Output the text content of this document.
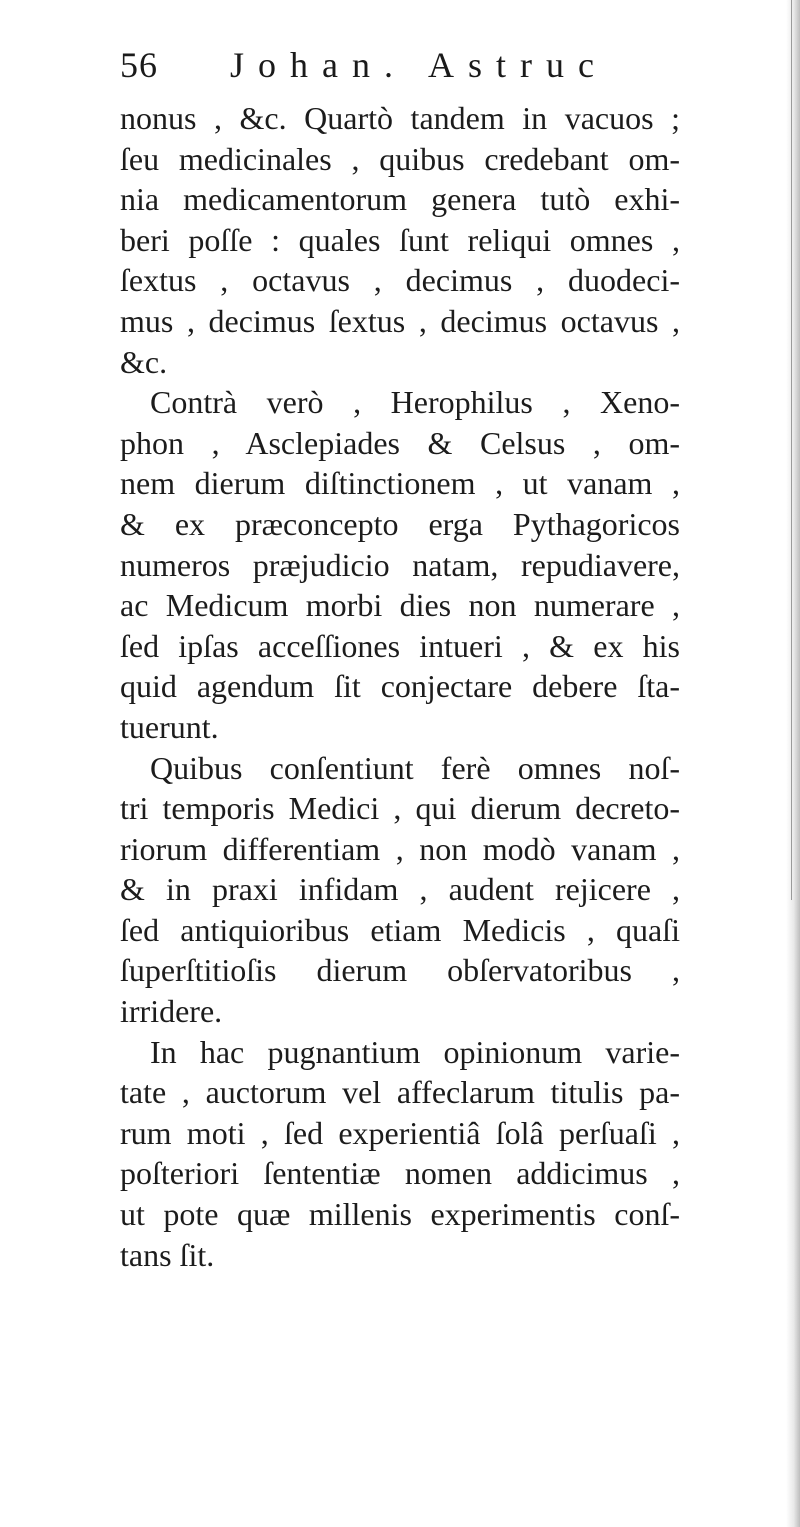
56 Johan. Astruc
nonus , &c. Quartò tandem in vacuos ;
ſeu medicinales , quibus credebant om-
nia medicamentorum genera tutò exhi-
beri poſſe : quales ſunt reliqui omnes ,
ſextus , octavus , decimus , duodeci-
mus , decimus ſextus , decimus octavus ,
&c.
Contrà verò , Herophilus , Xeno-
phon , Asclepiades & Celsus , om-
nem dierum diſtinctionem , ut vanam ,
& ex præconcepto erga Pythagoricos
numeros præjudicio natam, repudiavere,
ac Medicum morbi dies non numerare ,
ſed ipſas acceſſiones intueri , & ex his
quid agendum ſit conjectare debere ſta-
tuerunt.
Quibus conſentiunt ferè omnes noſ-
tri temporis Medici , qui dierum decreto-
riorum differentiam , non modò vanam ,
& in praxi infidam , audent rejicere ,
ſed antiquioribus etiam Medicis , quaſi
ſuperſtitioſis dierum obſervatoribus ,
irridere.
In hac pugnantium opinionum varie-
tate , auctorum vel affeclarum titulis pa-
rum moti , ſed experientiâ ſolâ perſuaſi ,
poſteriori ſententiæ nomen addicimus ,
ut pote quæ millenis experimentis conſ-
tans ſit.
